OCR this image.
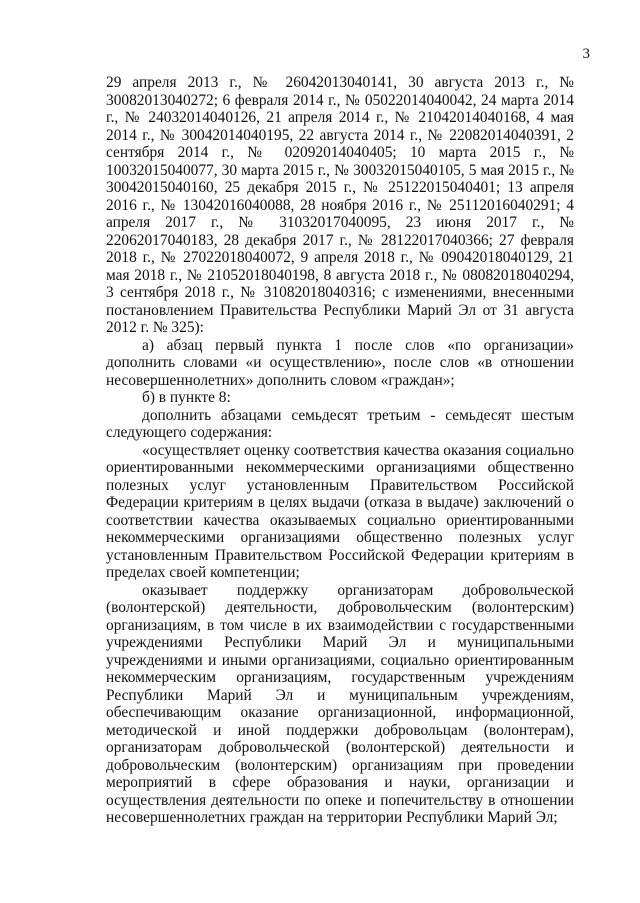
3

29 апреля 2013 г., № 26042013040141, 30 августа 2013 г., № 30082013040272; 6 февраля 2014 г., № 05022014040042, 24 марта 2014 г., № 24032014040126, 21 апреля 2014 г., № 21042014040168, 4 мая 2014 г., № 30042014040195, 22 августа 2014 г., № 22082014040391, 2 сентября 2014 г., № 02092014040405; 10 марта 2015 г., № 10032015040077, 30 марта 2015 г., № 30032015040105, 5 мая 2015 г., № 30042015040160, 25 декабря 2015 г., № 25122015040401; 13 апреля 2016 г., № 13042016040088, 28 ноября 2016 г., № 25112016040291; 4 апреля 2017 г., № 31032017040095, 23 июня 2017 г., № 22062017040183, 28 декабря 2017 г., № 28122017040366; 27 февраля 2018 г., № 27022018040072, 9 апреля 2018 г., № 09042018040129, 21 мая 2018 г., № 21052018040198, 8 августа 2018 г., № 08082018040294, 3 сентября 2018 г., № 31082018040316; с изменениями, внесенными постановлением Правительства Республики Марий Эл от 31 августа 2012 г. № 325):

а) абзац первый пункта 1 после слов «по организации» дополнить словами «и осуществлению», после слов «в отношении несовершеннолетних» дополнить словом «граждан»;

б) в пункте 8:

дополнить абзацами семьдесят третьим - семьдесят шестым следующего содержания:

«осуществляет оценку соответствия качества оказания социально ориентированными некоммерческими организациями общественно полезных услуг установленным Правительством Российской Федерации критериям в целях выдачи (отказа в выдаче) заключений о соответствии качества оказываемых социально ориентированными некоммерческими организациями общественно полезных услуг установленным Правительством Российской Федерации критериям в пределах своей компетенции;

оказывает поддержку организаторам добровольческой (волонтерской) деятельности, добровольческим (волонтерским) организациям, в том числе в их взаимодействии с государственными учреждениями Республики Марий Эл и муниципальными учреждениями и иными организациями, социально ориентированным некоммерческим организациям, государственным учреждениям Республики Марий Эл и муниципальным учреждениям, обеспечивающим оказание организационной, информационной, методической и иной поддержки добровольцам (волонтерам), организаторам добровольческой (волонтерской) деятельности и добровольческим (волонтерским) организациям при проведении мероприятий в сфере образования и науки, организации и осуществления деятельности по опеке и попечительству в отношении несовершеннолетних граждан на территории Республики Марий Эл;
